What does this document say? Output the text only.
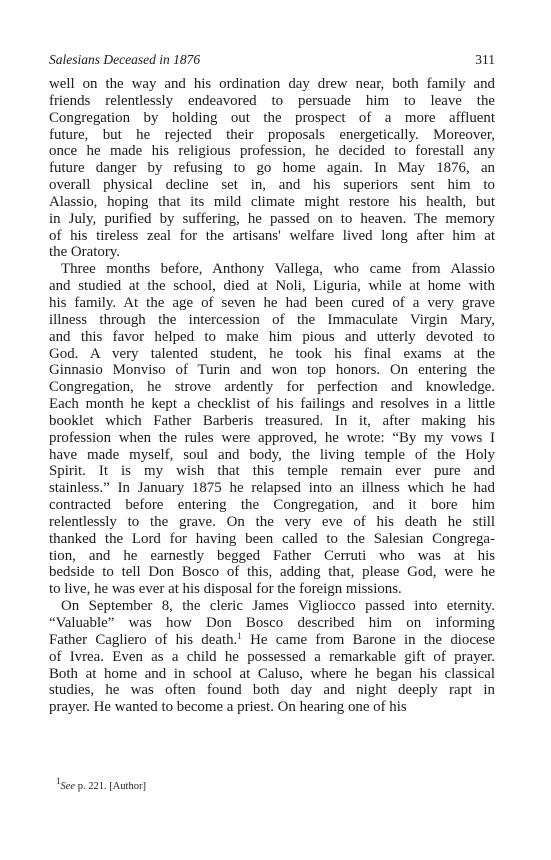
Salesians Deceased in 1876	311
well on the way and his ordination day drew near, both family and
friends relentlessly endeavored to persuade him to leave the
Congregation by holding out the prospect of a more affluent
future, but he rejected their proposals energetically. Moreover,
once he made his religious profession, he decided to forestall any
future danger by refusing to go home again. In May 1876, an
overall physical decline set in, and his superiors sent him to
Alassio, hoping that its mild climate might restore his health, but
in July, purified by suffering, he passed on to heaven. The memory
of his tireless zeal for the artisans' welfare lived long after him at
the Oratory.
Three months before, Anthony Vallega, who came from Alassio
and studied at the school, died at Noli, Liguria, while at home with
his family. At the age of seven he had been cured of a very grave
illness through the intercession of the Immaculate Virgin Mary,
and this favor helped to make him pious and utterly devoted to
God. A very talented student, he took his final exams at the
Ginnasio Monviso of Turin and won top honors. On entering the
Congregation, he strove ardently for perfection and knowledge.
Each month he kept a checklist of his failings and resolves in a little
booklet which Father Barberis treasured. In it, after making his
profession when the rules were approved, he wrote: “By my vows I
have made myself, soul and body, the living temple of the Holy
Spirit. It is my wish that this temple remain ever pure and
stainless.” In January 1875 he relapsed into an illness which he had
contracted before entering the Congregation, and it bore him
relentlessly to the grave. On the very eve of his death he still
thanked the Lord for having been called to the Salesian Congrega-
tion, and he earnestly begged Father Cerruti who was at his
bedside to tell Don Bosco of this, adding that, please God, were he
to live, he was ever at his disposal for the foreign missions.
On September 8, the cleric James Vigliocco passed into eternity.
“Valuable” was how Don Bosco described him on informing
Father Cagliero of his death.$^1$ He came from Barone in the diocese
of Ivrea. Even as a child he possessed a remarkable gift of prayer.
Both at home and in school at Caluso, where he began his classical
studies, he was often found both day and night deeply rapt in
prayer. He wanted to become a priest. On hearing one of his
$^1$See p. 221. [Author]
